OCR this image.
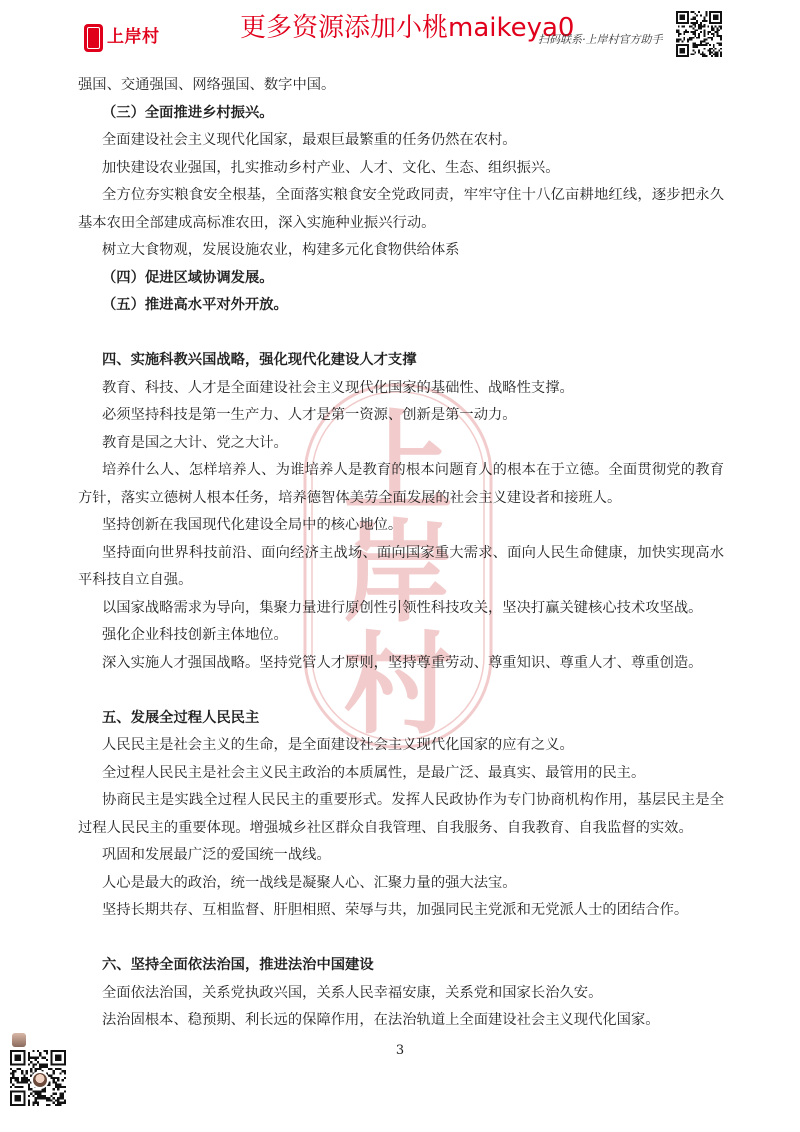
上岸村	更多资源添加小桃maikeya0
扫码联系·上岸村官方助手
上
岸
村

强国、交通强国、网络强国、数字中国。

（三）全面推进乡村振兴。

全面建设社会主义现代化国家，最艰巨最繁重的任务仍然在农村。

加快建设农业强国，扎实推动乡村产业、人才、文化、生态、组织振兴。

全方位夯实粮食安全根基，全面落实粮食安全党政同责，牢牢守住十八亿亩耕地红线，逐步把永久基本农田全部建成高标准农田，深入实施种业振兴行动。

树立大食物观，发展设施农业，构建多元化食物供给体系

（四）促进区域协调发展。

（五）推进高水平对外开放。

四、实施科教兴国战略，强化现代化建设人才支撑

教育、科技、人才是全面建设社会主义现代化国家的基础性、战略性支撑。

必须坚持科技是第一生产力、人才是第一资源、创新是第一动力。

教育是国之大计、党之大计。

培养什么人、怎样培养人、为谁培养人是教育的根本问题育人的根本在于立德。全面贯彻党的教育方针，落实立德树人根本任务，培养德智体美劳全面发展的社会主义建设者和接班人。

坚持创新在我国现代化建设全局中的核心地位。

坚持面向世界科技前沿、面向经济主战场、面向国家重大需求、面向人民生命健康，加快实现高水平科技自立自强。

以国家战略需求为导向，集聚力量进行原创性引领性科技攻关，坚决打赢关键核心技术攻坚战。

强化企业科技创新主体地位。

深入实施人才强国战略。坚持党管人才原则，坚持尊重劳动、尊重知识、尊重人才、尊重创造。

五、发展全过程人民民主

人民民主是社会主义的生命，是全面建设社会主义现代化国家的应有之义。

全过程人民民主是社会主义民主政治的本质属性，是最广泛、最真实、最管用的民主。

协商民主是实践全过程人民民主的重要形式。发挥人民政协作为专门协商机构作用，基层民主是全过程人民民主的重要体现。增强城乡社区群众自我管理、自我服务、自我教育、自我监督的实效。

巩固和发展最广泛的爱国统一战线。

人心是最大的政治，统一战线是凝聚人心、汇聚力量的强大法宝。

坚持长期共存、互相监督、肝胆相照、荣辱与共，加强同民主党派和无党派人士的团结合作。

六、坚持全面依法治国，推进法治中国建设

全面依法治国，关系党执政兴国，关系人民幸福安康，关系党和国家长治久安。

法治固根本、稳预期、利长远的保障作用，在法治轨道上全面建设社会主义现代化国家。

3
